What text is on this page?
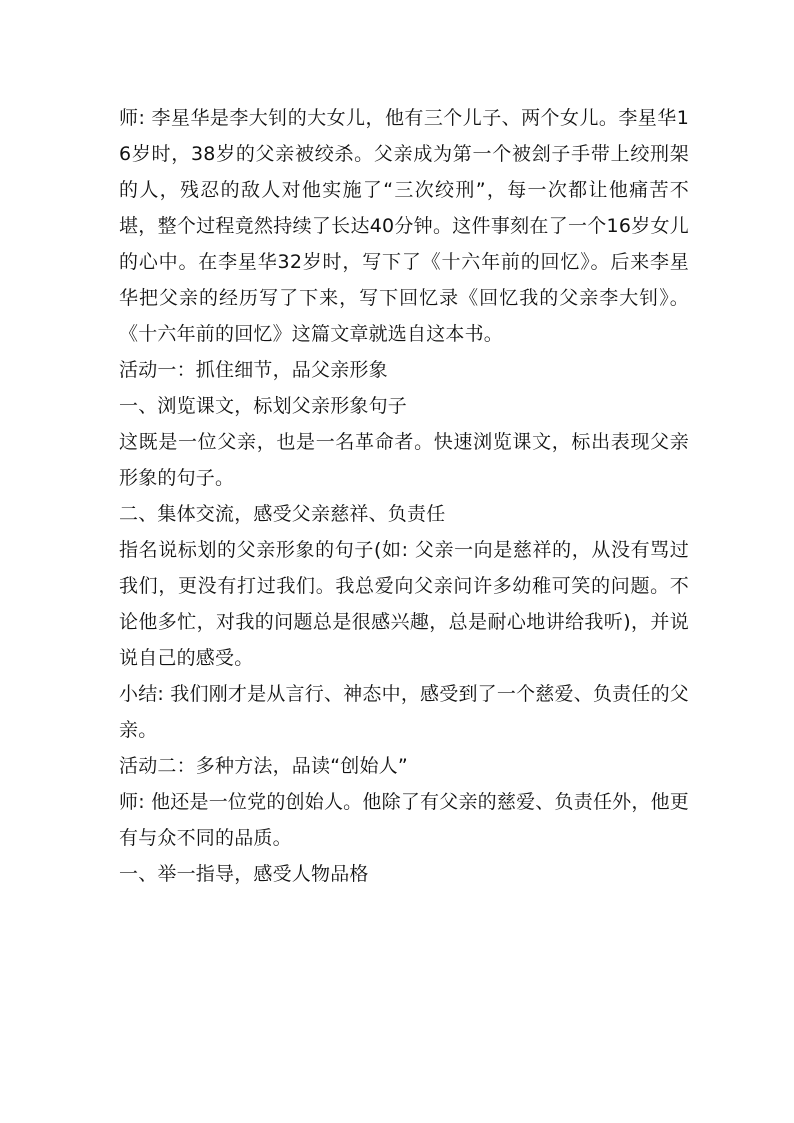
师: 李星华是李大钊的大女儿，他有三个儿子、两个女儿。李星华16岁时，38岁的父亲被绞杀。父亲成为第一个被刽子手带上绞刑架的人，残忍的敌人对他实施了“三次绞刑”，每一次都让他痛苦不堪，整个过程竟然持续了长达40分钟。这件事刻在了一个16岁女儿的心中。在李星华32岁时，写下了《十六年前的回忆》。后来李星华把父亲的经历写了下来，写下回忆录《回忆我的父亲李大钊》。《十六年前的回忆》这篇文章就选自这本书。

活动一：抓住细节，品父亲形象

一、浏览课文，标划父亲形象句子

这既是一位父亲，也是一名革命者。快速浏览课文，标出表现父亲形象的句子。

二、集体交流，感受父亲慈祥、负责任

指名说标划的父亲形象的句子(如: 父亲一向是慈祥的，从没有骂过我们，更没有打过我们。我总爱向父亲问许多幼稚可笑的问题。不论他多忙，对我的问题总是很感兴趣，总是耐心地讲给我听)，并说说自己的感受。

小结: 我们刚才是从言行、神态中，感受到了一个慈爱、负责任的父亲。

活动二：多种方法，品读“创始人”

师: 他还是一位党的创始人。他除了有父亲的慈爱、负责任外，他更有与众不同的品质。

一、举一指导，感受人物品格
